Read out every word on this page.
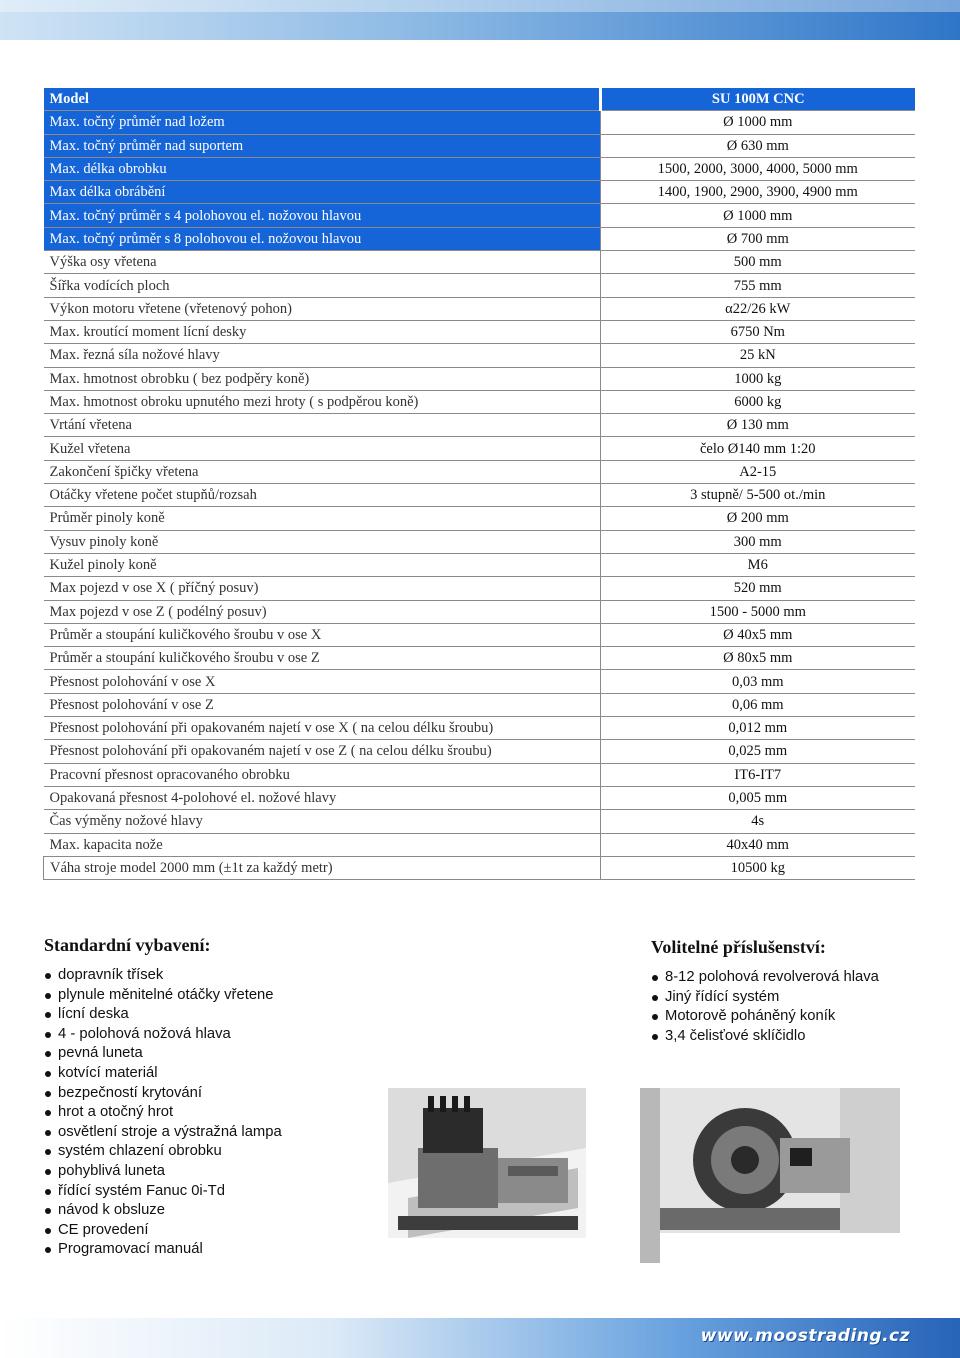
Model	SU 100M CNC
Max. točný průměr nad ložem	Ø 1000 mm
Max. točný průměr nad suportem	Ø 630 mm
Max. délka obrobku	1500, 2000, 3000, 4000, 5000 mm
Max délka obrábění	1400, 1900, 2900, 3900, 4900 mm
Max. točný průměr s 4 polohovou el. nožovou hlavou	Ø 1000 mm
Max. točný průměr s 8 polohovou el. nožovou hlavou	Ø 700 mm
Výška osy vřetena	500 mm
Šířka vodících ploch	755 mm
Výkon motoru vřetene (vřetenový pohon)	α22/26 kW
Max. kroutící moment lícní desky	6750 Nm
Max. řezná síla nožové hlavy	25 kN
Max. hmotnost obrobku ( bez podpěry koně)	1000 kg
Max. hmotnost obroku upnutého mezi hroty ( s podpěrou koně)	6000 kg
Vrtání vřetena	Ø 130 mm
Kužel vřetena	čelo Ø140 mm 1:20
Zakončení špičky vřetena	A2-15
Otáčky vřetene počet stupňů/rozsah	3 stupně/ 5-500 ot./min
Průměr pinoly koně	Ø 200 mm
Vysuv pinoly koně	300 mm
Kužel pinoly koně	M6
Max pojezd v ose X ( příčný posuv)	520 mm
Max pojezd v ose Z ( podélný posuv)	1500 - 5000 mm
Průměr a stoupání kuličkového šroubu v ose X	Ø 40x5 mm
Průměr a stoupání kuličkového šroubu v ose Z	Ø 80x5 mm
Přesnost polohování v ose X	0,03 mm
Přesnost polohování v ose Z	0,06 mm
Přesnost polohování při opakovaném najetí v ose X ( na celou délku šroubu)	0,012 mm
Přesnost polohování při opakovaném najetí v ose Z ( na celou délku šroubu)	0,025 mm
Pracovní přesnost opracovaného obrobku	IT6-IT7
Opakovaná přesnost 4-polohové el. nožové hlavy	0,005 mm
Čas výměny nožové hlavy	4s
Max. kapacita nože	40x40 mm
Váha stroje model 2000 mm (±1t za každý metr)	10500 kg
Standardní vybavení:
dopravník třísek
plynule měnitelné otáčky vřetene
lícní deska
4 - polohová nožová hlava
pevná luneta
kotvící materiál
bezpečností krytování
hrot a otočný hrot
osvětlení stroje a výstražná lampa
systém chlazení obrobku
pohyblivá luneta
řídící systém Fanuc 0i-Td
návod k obsluze
CE provedení
Programovací manuál
Volitelné příslušenství:
8-12 polohová revolverová hlava
Jiný řídící systém
Motorově poháněný koník
3,4 čelisťové sklíčidlo
www.moostrading.cz
